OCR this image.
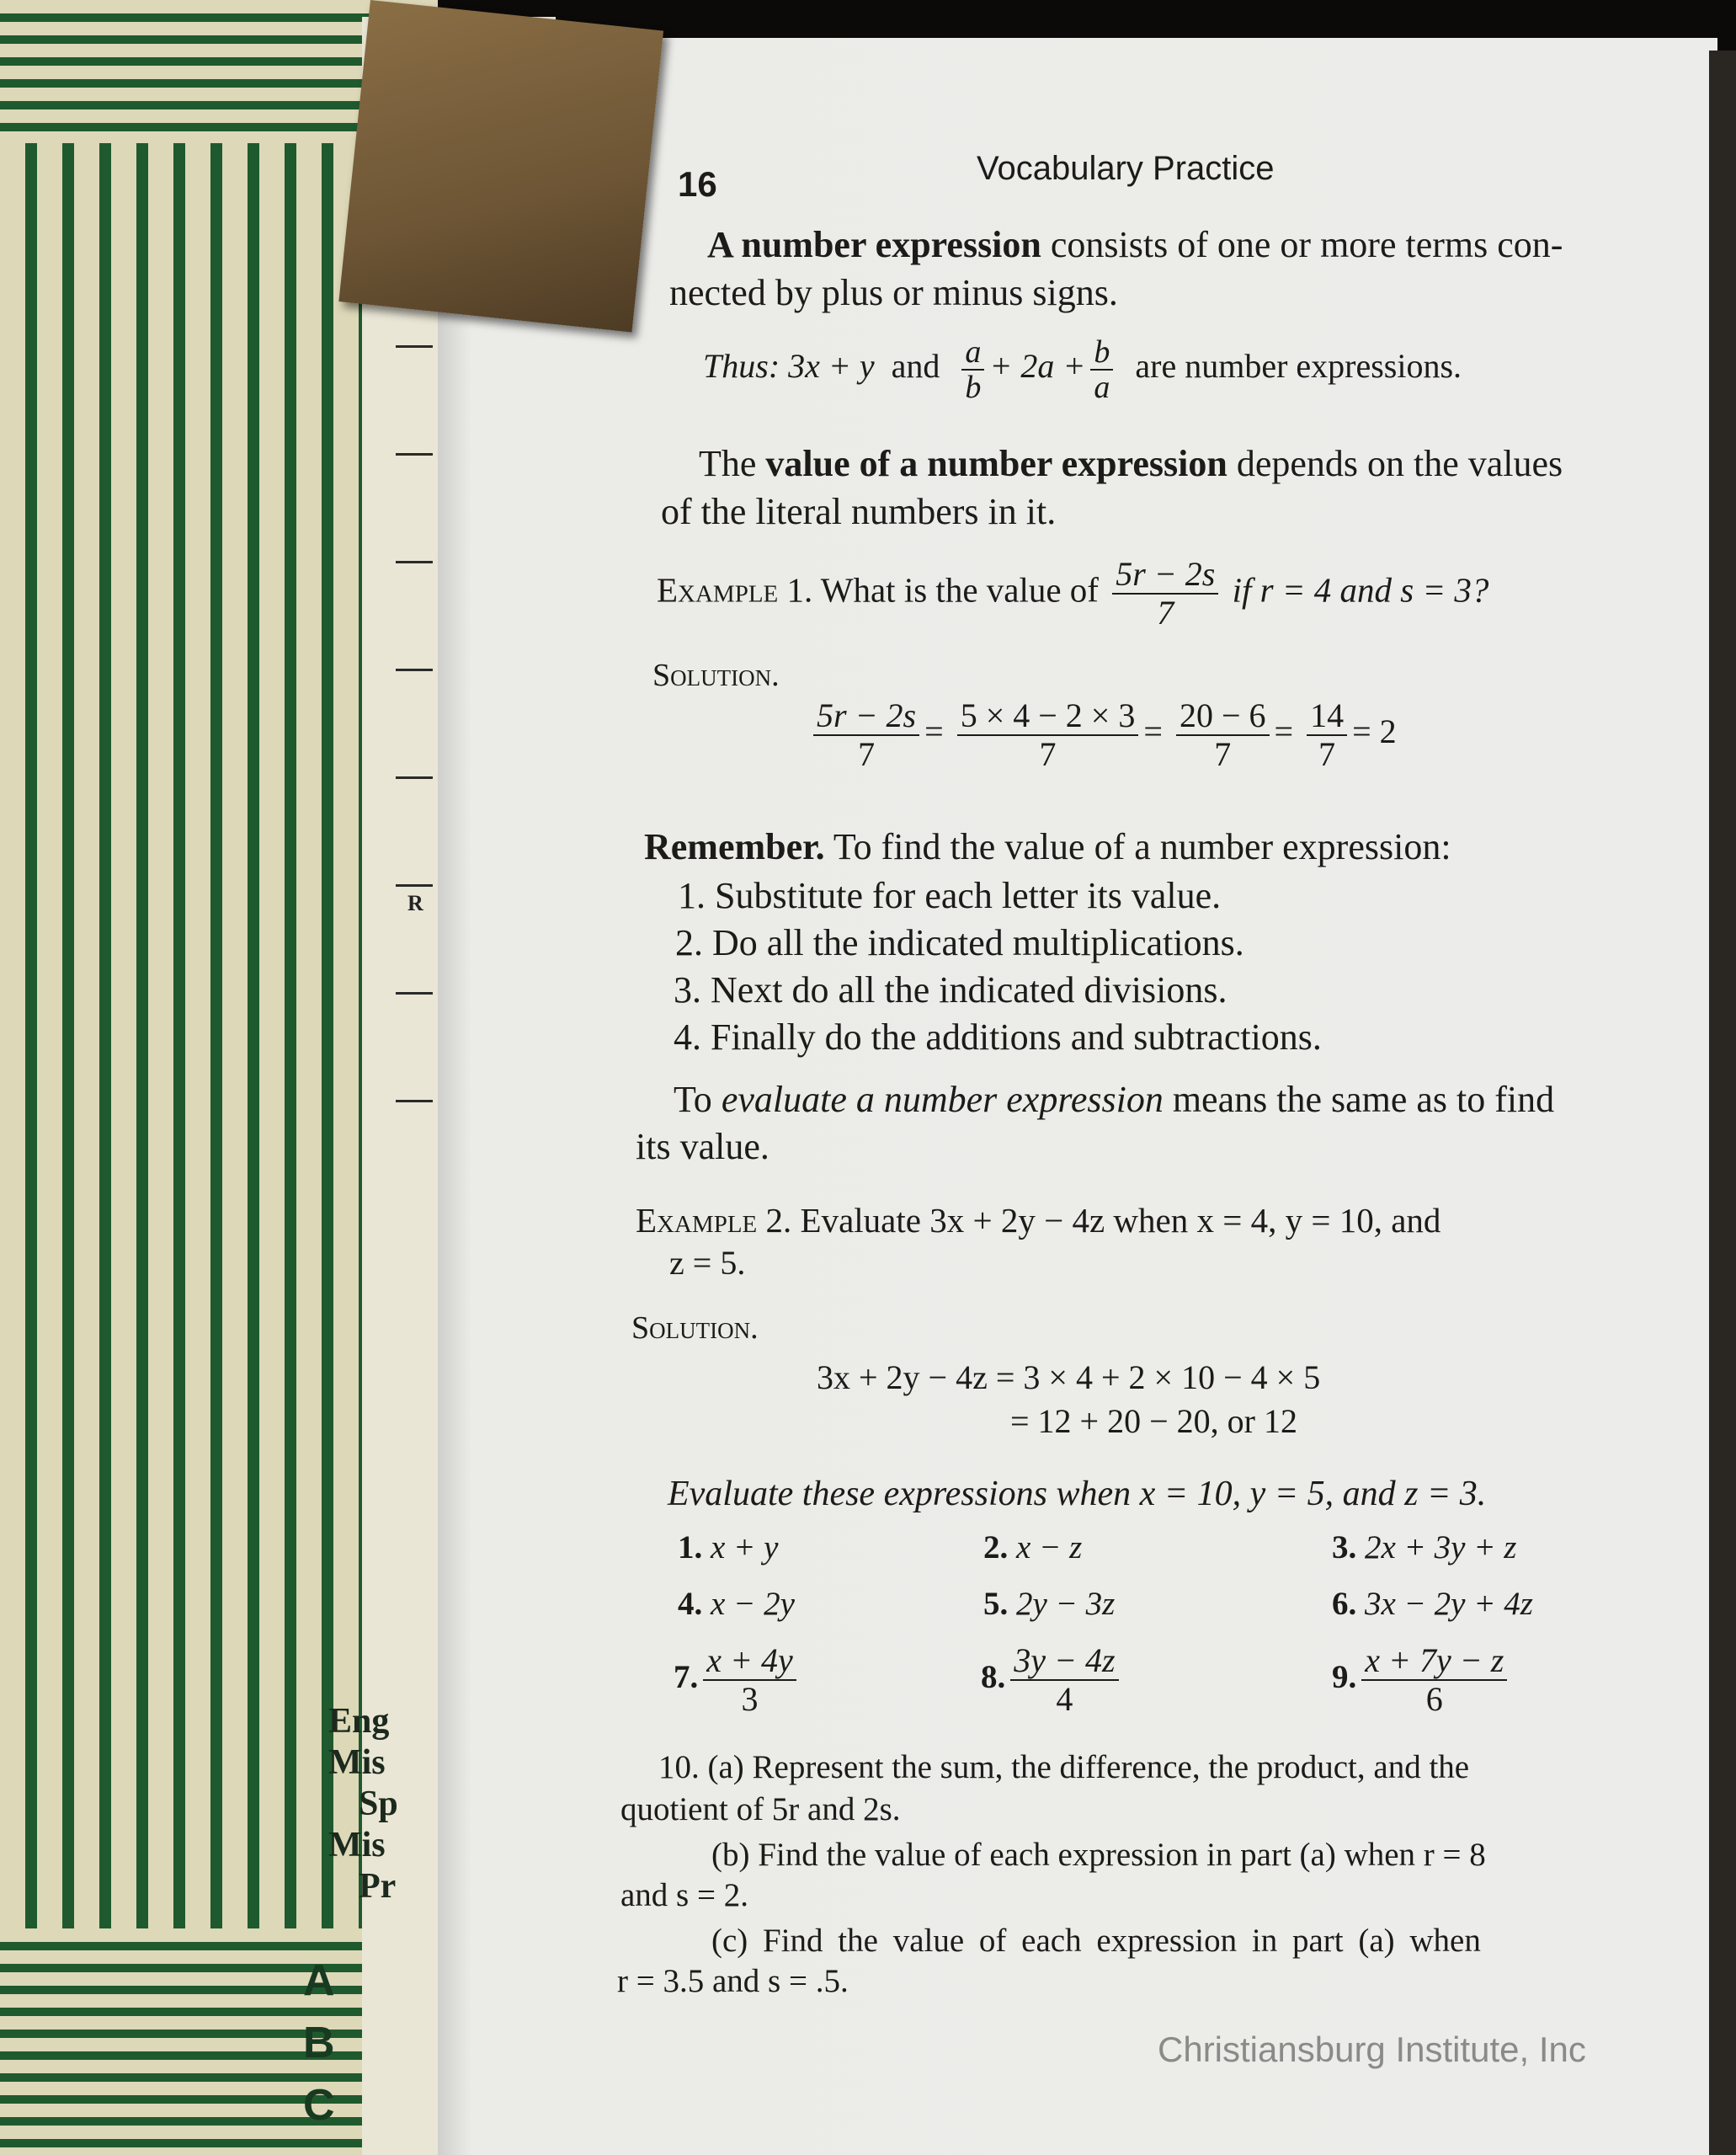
R
Eng
Mis
Sp
Mis
Pr
A
B
C
16	Vocabulary Practice
A number expression consists of one or more terms con-
nected by plus or minus signs.
Thus: 3x + y and $\frac{a}{b} + 2a + \frac{b}{a}$ are number expressions.
The value of a number expression depends on the values
of the literal numbers in it.
Example 1. What is the value of $\frac{5r - 2s}{7}$ if r = 4 and s = 3?
Solution.
$\frac{5r - 2s}{7} = \frac{5 \times 4 - 2 \times 3}{7} = \frac{20 - 6}{7} = \frac{14}{7} = 2$
Remember. To find the value of a number expression:
1. Substitute for each letter its value.
2. Do all the indicated multiplications.
3. Next do all the indicated divisions.
4. Finally do the additions and subtractions.
To evaluate a number expression means the same as to find
its value.
Example 2. Evaluate 3x + 2y − 4z when x = 4, y = 10, and
z = 5.
Solution.
3x + 2y − 4z = 3 × 4 + 2 × 10 − 4 × 5
= 12 + 20 − 20, or 12
Evaluate these expressions when x = 10, y = 5, and z = 3.
1. x + y	2. x − z	3. 2x + 3y + z
4. x − 2y	5. 2y − 3z	6. 3x − 2y + 4z
7. $\frac{x + 4y}{3}$	8. $\frac{3y - 4z}{4}$	9. $\frac{x + 7y - z}{6}$
10. (a) Represent the sum, the difference, the product, and the
quotient of 5r and 2s.
(b) Find the value of each expression in part (a) when r = 8
and s = 2.
(c) Find the value of each expression in part (a) when
r = 3.5 and s = .5.
Christiansburg Institute, Inc
